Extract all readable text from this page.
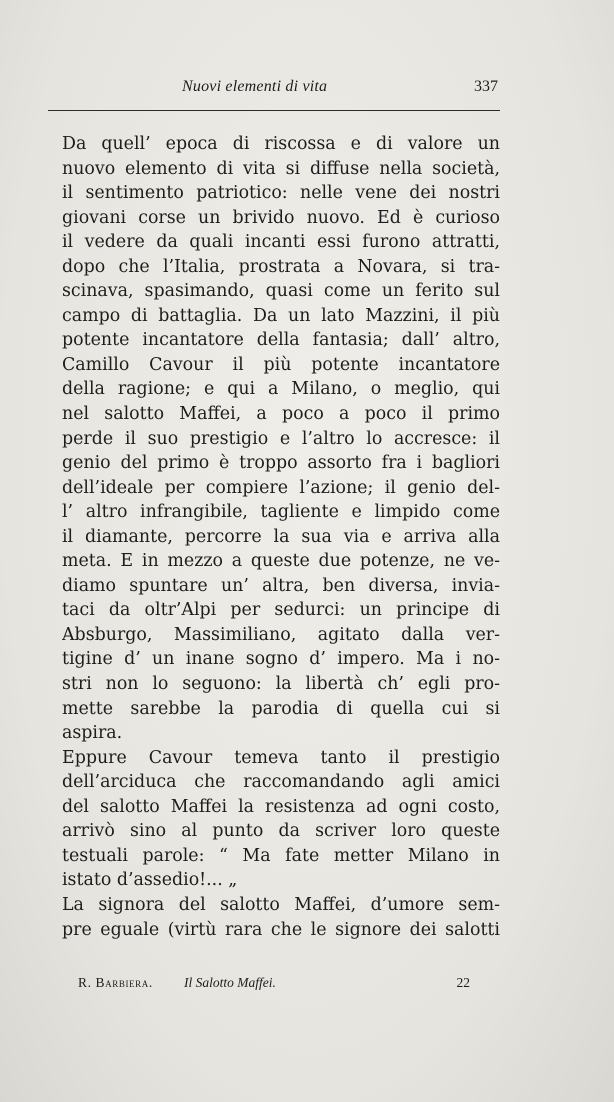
Nuovi elementi di vita	337
Da quell’ epoca di riscossa e di valore un
nuovo elemento di vita si diffuse nella società,
il sentimento patriotico: nelle vene dei nostri
giovani corse un brivido nuovo. Ed è curioso
il vedere da quali incanti essi furono attratti,
dopo che l’Italia, prostrata a Novara, si tra-
scinava, spasimando, quasi come un ferito sul
campo di battaglia. Da un lato Mazzini, il più
potente incantatore della fantasia; dall’ altro,
Camillo Cavour il più potente incantatore
della ragione; e qui a Milano, o meglio, qui
nel salotto Maffei, a poco a poco il primo
perde il suo prestigio e l’altro lo accresce: il
genio del primo è troppo assorto fra i bagliori
dell’ideale per compiere l’azione; il genio del-
l’ altro infrangibile, tagliente e limpido come
il diamante, percorre la sua via e arriva alla
meta. E in mezzo a queste due potenze, ne ve-
diamo spuntare un’ altra, ben diversa, invia-
taci da oltr’Alpi per sedurci: un principe di
Absburgo, Massimiliano, agitato dalla ver-
tigine d’ un inane sogno d’ impero. Ma i no-
stri non lo seguono: la libertà ch’ egli pro-
mette sarebbe la parodia di quella cui si
aspira.
Eppure Cavour temeva tanto il prestigio
dell’arciduca che raccomandando agli amici
del salotto Maffei la resistenza ad ogni costo,
arrivò sino al punto da scriver loro queste
testuali parole: “ Ma fate metter Milano in
istato d’assedio!... „
La signora del salotto Maffei, d’umore sem-
pre eguale (virtù rara che le signore dei salotti
R. Barbiera. Il Salotto Maffei.	22
